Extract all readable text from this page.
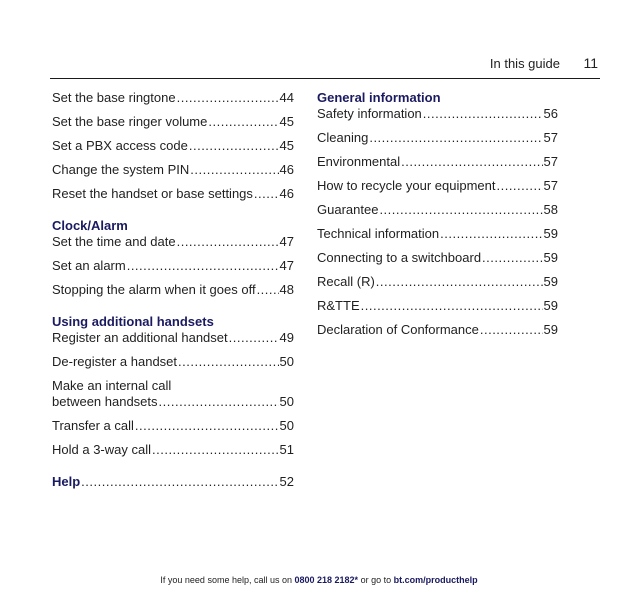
In this guide 11
Set the base ringtone .....	44
Set the base ringer volume .....	45
Set a PBX access code .....	45
Change the system PIN .....	46
Reset the handset or base settings ..... 46
Clock/Alarm
Set the time and date .....	47
Set an alarm .....	47
Stopping the alarm when it goes off ..... 48
Using additional handsets
Register an additional handset .....	49
De-register a handset .....	50
Make an internal call
between handsets .....	50
Transfer a call .....	50
Hold a 3-way call .....	51
Help .....	52
General information
Safety information .....	56
Cleaning .....	57
Environmental .....	57
How to recycle your equipment .....	57
Guarantee .....	58
Technical information .....	59
Connecting to a switchboard .....	59
Recall (R) .....	59
R&TTE .....	59
Declaration of Conformance .....	59
If you need some help, call us on 0800 218 2182* or go to bt.com/producthelp
